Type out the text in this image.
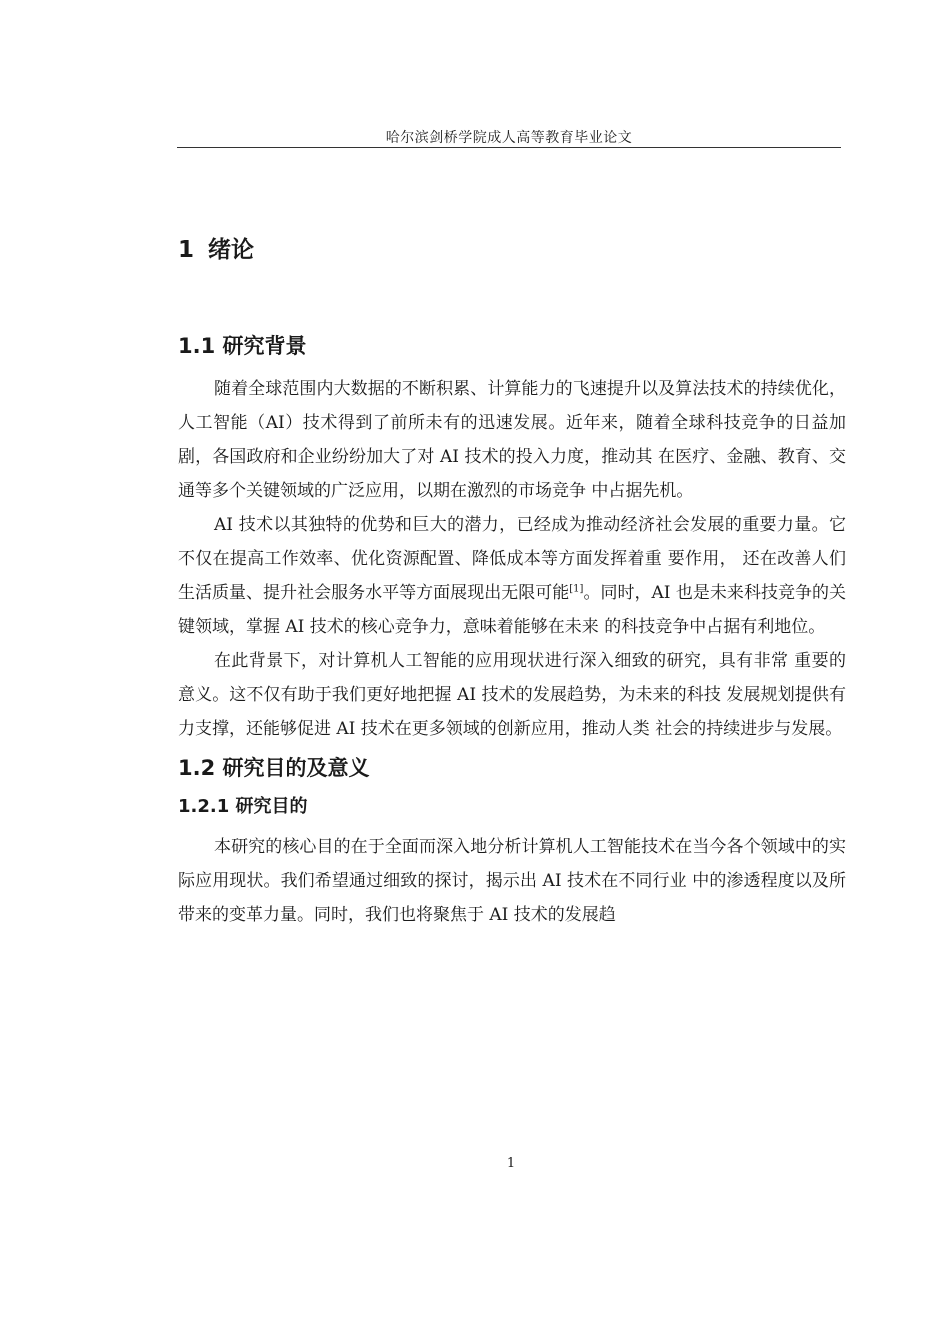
哈尔滨剑桥学院成人高等教育毕业论文
1 绪论
1.1 研究背景

随着全球范围内大数据的不断积累、计算能力的飞速提升以及算法技术的持续优化，人工智能（AI）技术得到了前所未有的迅速发展。近年来，随着全球科技竞争的日益加剧，各国政府和企业纷纷加大了对 AI 技术的投入力度，推动其 在医疗、金融、教育、交通等多个关键领域的广泛应用，以期在激烈的市场竞争 中占据先机。

AI 技术以其独特的优势和巨大的潜力，已经成为推动经济社会发展的重要力量。它不仅在提高工作效率、优化资源配置、降低成本等方面发挥着重 要作用， 还在改善人们生活质量、提升社会服务水平等方面展现出无限可能[1]。同时，AI 也是未来科技竞争的关键领域，掌握 AI 技术的核心竞争力，意味着能够在未来 的科技竞争中占据有利地位。

在此背景下，对计算机人工智能的应用现状进行深入细致的研究，具有非常 重要的意义。这不仅有助于我们更好地把握 AI 技术的发展趋势，为未来的科技 发展规划提供有力支撑，还能够促进 AI 技术在更多领域的创新应用，推动人类 社会的持续进步与发展。

1.2 研究目的及意义
1.2.1 研究目的

本研究的核心目的在于全面而深入地分析计算机人工智能技术在当今各个领域中的实际应用现状。我们希望通过细致的探讨，揭示出 AI 技术在不同行业 中的渗透程度以及所带来的变革力量。同时，我们也将聚焦于 AI 技术的发展趋

1
